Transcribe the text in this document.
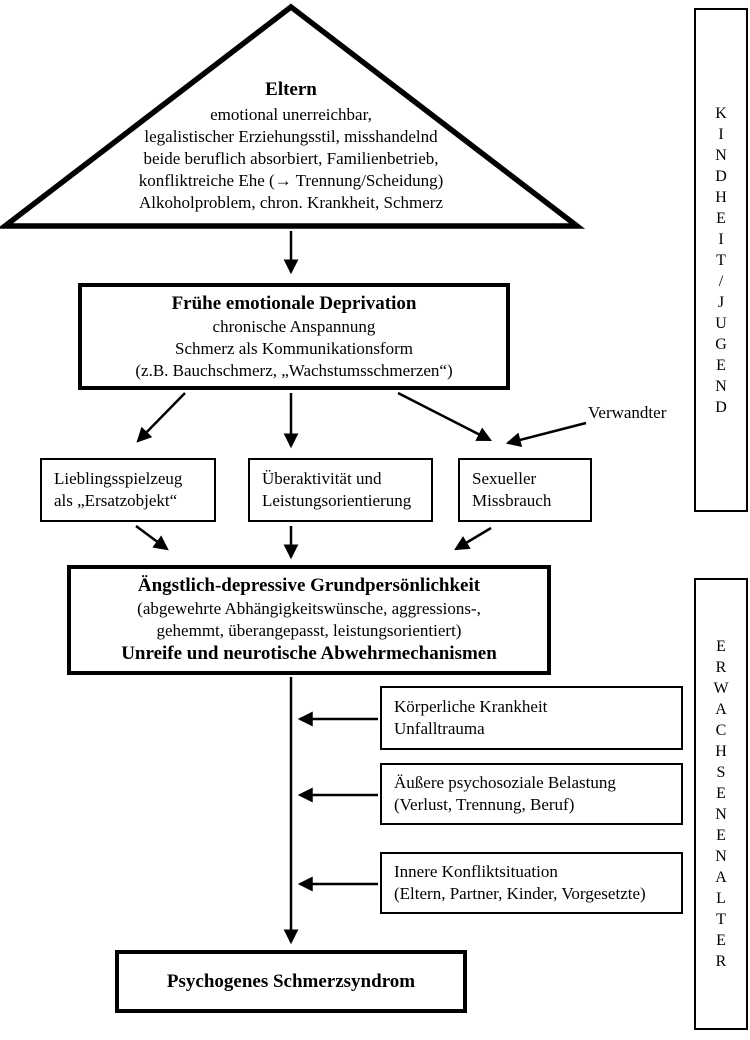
Eltern
emotional unerreichbar,
legalistischer Erziehungsstil, misshandelnd
beide beruflich absorbiert, Familienbetrieb,
konfliktreiche Ehe (→ Trennung/Scheidung)
Alkoholproblem, chron. Krankheit, Schmerz
Frühe emotionale Deprivation
chronische Anspannung
Schmerz als Kommunikationsform
(z.B. Bauchschmerz, „Wachstumsschmerzen“)
Verwandter
Lieblingsspielzeug
als „Ersatzobjekt“
Überaktivität und
Leistungsorientierung
Sexueller
Missbrauch
Ängstlich-depressive Grundpersönlichkeit
(abgewehrte Abhängigkeitswünsche, aggressions-,
gehemmt, überangepasst, leistungsorientiert)
Unreife und neurotische Abwehrmechanismen
Körperliche Krankheit
Unfalltrauma
Äußere psychosoziale Belastung
(Verlust, Trennung, Beruf)
Innere Konfliktsituation
(Eltern, Partner, Kinder, Vorgesetzte)
Psychogenes Schmerzsyndrom
K
I
N
D
H
E
I
T
/
J
U
G
E
N
D
E
R
W
A
C
H
S
E
N
E
N
A
L
T
E
R
